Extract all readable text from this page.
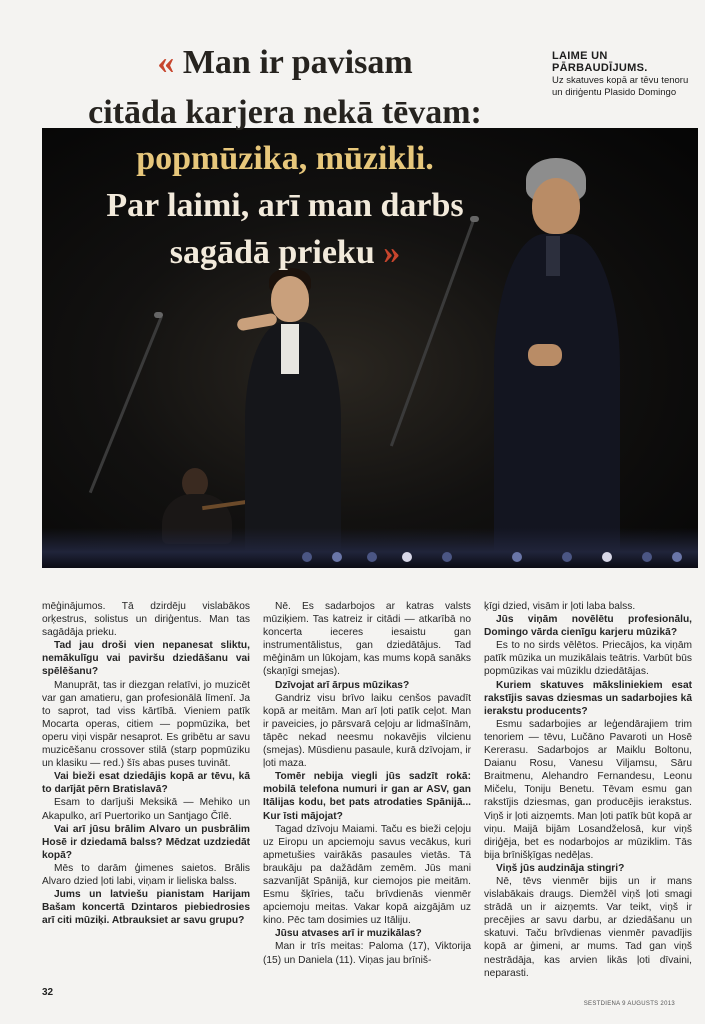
« Man ir pavisam
citāda karjera nekā tēvam:
popmūzika, mūzikli.
Par laimi, arī man darbs
sagādā prieku »
LAIME UN PĀRBAUDĪJUMS.
Uz skatuves kopā ar tēvu tenoru un diriģentu Plasido Domingo

mēģinājumos. Tā dzirdēju vislabākos orķestrus, solistus un diriģentus. Man tas sagādāja prieku.

Tad jau droši vien nepanesat sliktu, nemākulīgu vai paviršu dziedāšanu vai spēlēšanu?

Manuprāt, tas ir diezgan relatīvi, jo muzicēt var gan amatieru, gan profesionālā līmenī. Ja to saprot, tad viss kārtībā. Vieniem patīk Mocarta operas, citiem — popmūzika, bet operu viņi vispār nesaprot. Es gribētu ar savu muzicēšanu crossover stilā (starp popmūziku un klasiku — red.) šīs abas puses tuvināt.

Vai bieži esat dziedājis kopā ar tēvu, kā to darījāt pērn Bratislavā?

Esam to darījuši Meksikā — Mehiko un Akapulko, arī Puertoriko un Santjago Čīlē.

Vai arī jūsu brālim Alvaro un pusbrālim Hosē ir dziedamā balss? Mēdzat uzdziedāt kopā?

Mēs to darām ģimenes saietos. Brālis Alvaro dzied ļoti labi, viņam ir lieliska balss.

Jums un latviešu pianistam Harijam Bašam koncertā Dzintaros piebiedrosies arī citi mūziķi. Atbrauksiet ar savu grupu?

Nē. Es sadarbojos ar katras valsts mūziķiem. Tas katreiz ir citādi — atkarībā no koncerta ieceres iesaistu gan instrumentālistus, gan dziedātājus. Tad mēģinām un lūkojam, kas mums kopā sanāks (skaņīgi smejas).

Dzīvojat arī ārpus mūzikas?

Gandriz visu brīvo laiku cenšos pavadīt kopā ar meitām. Man arī ļoti patīk ceļot. Man ir paveicies, jo pārsvarā ceļoju ar lidmašīnām, tāpēc nekad neesmu nokavējis vilcienu (smejas). Mūsdienu pasaule, kurā dzīvojam, ir ļoti maza.

Tomēr nebija viegli jūs sadzīt rokā: mobilā telefona numuri ir gan ar ASV, gan Itālijas kodu, bet pats atrodaties Spānijā... Kur īsti mājojat?

Tagad dzīvoju Maiami. Taču es bieži ceļoju uz Eiropu un apciemoju savus vecākus, kuri apmetušies vairākās pasaules vietās. Tā braukāju pa dažādām zemēm. Jūs mani sazvanījāt Spānijā, kur ciemojos pie meitām. Esmu šķīries, taču brīvdienās vienmēr apciemoju meitas. Vakar kopā aizgājām uz kino. Pēc tam dosimies uz Itāliju.

Jūsu atvases arī ir muzikālas?

Man ir trīs meitas: Paloma (17), Viktorija (15) un Daniela (11). Viņas jau brīniš-

ķīgi dzied, visām ir ļoti laba balss.

Jūs viņām novēlētu profesionālu, Domingo vārda cienīgu karjeru mūzikā?

Es to no sirds vēlētos. Priecājos, ka viņām patīk mūzika un muzikālais teātris. Varbūt būs popmūzikas vai mūziklu dziedātājas.

Kuriem skatuves māksliniekiem esat rakstījis savas dziesmas un sadarbojies kā ierakstu producents?

Esmu sadarbojies ar leģendārajiem trim tenoriem — tēvu, Lučāno Pavaroti un Hosē Kererasu. Sadarbojos ar Maiklu Boltonu, Daianu Rosu, Vanesu Viljamsu, Sāru Braitmenu, Alehandro Fernandesu, Leonu Mičelu, Toniju Benetu. Tēvam esmu gan rakstījis dziesmas, gan producējis ierakstus. Viņš ir ļoti aizņemts. Man ļoti patīk būt kopā ar viņu. Maijā bijām Losandželosā, kur viņš diriģēja, bet es nodarbojos ar mūziklim. Tās bija brīnišķīgas nedēļas.

Viņš jūs audzināja stingri?

Nē, tēvs vienmēr bijis un ir mans vislabākais draugs. Diemžēl viņš ļoti smagi strādā un ir aizņemts. Var teikt, viņš ir precējies ar savu darbu, ar dziedāšanu un skatuvi. Taču brīvdienas vienmēr pavadījis kopā ar ģimeni, ar mums. Tad gan viņš nestrādāja, kas arvien likās ļoti dīvaini, neparasti.

32
SESTDIENA 9 AUGUSTS 2013
